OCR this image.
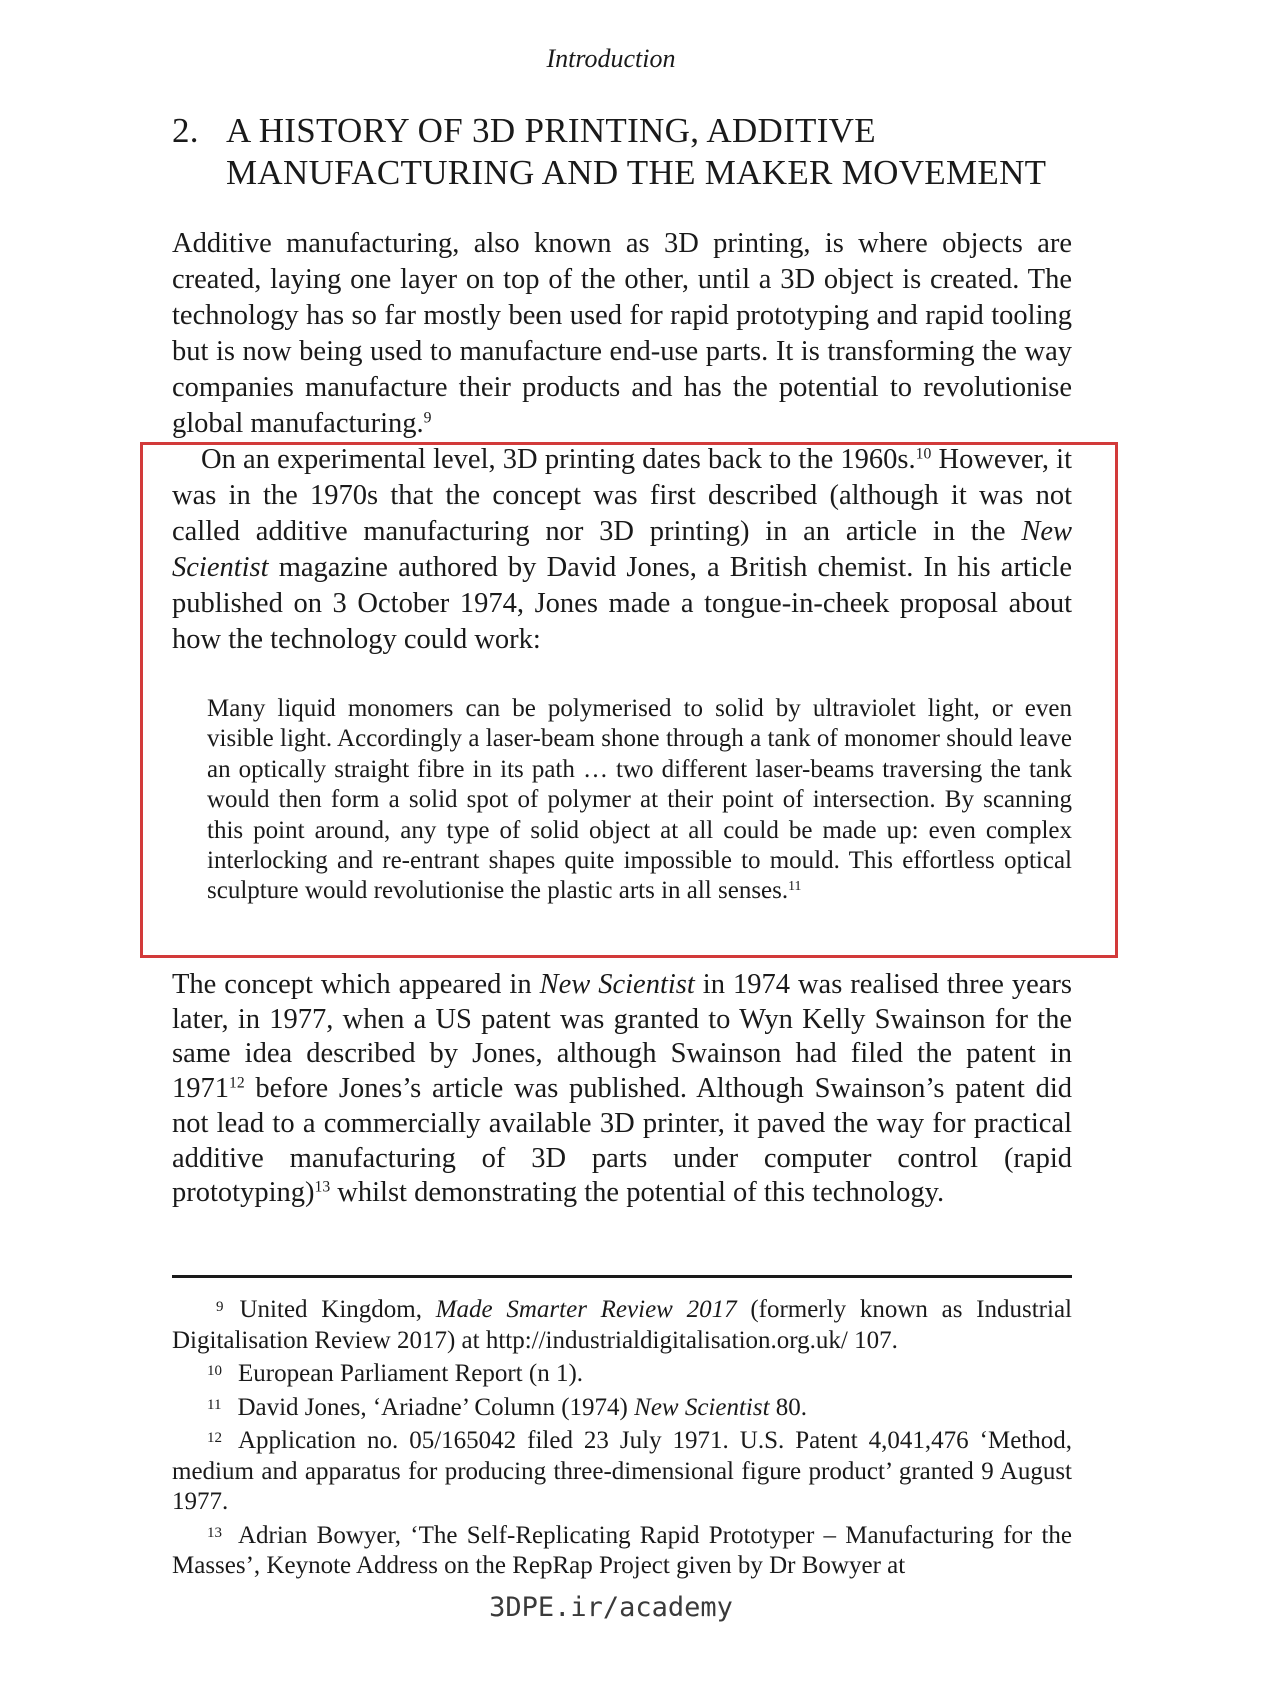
Introduction
2. A HISTORY OF 3D PRINTING, ADDITIVE MANUFACTURING AND THE MAKER MOVEMENT

Additive manufacturing, also known as 3D printing, is where objects are created, laying one layer on top of the other, until a 3D object is created. The technology has so far mostly been used for rapid prototyping and rapid tooling but is now being used to manufacture end-use parts. It is transforming the way companies manufacture their products and has the potential to revolutionise global manufacturing.$^9$

On an experimental level, 3D printing dates back to the 1960s.$^{10}$ However, it was in the 1970s that the concept was first described (although it was not called additive manufacturing nor 3D printing) in an article in the New Scientist magazine authored by David Jones, a British chemist. In his article published on 3 October 1974, Jones made a tongue-in-cheek proposal about how the technology could work:

Many liquid monomers can be polymerised to solid by ultraviolet light, or even visible light. Accordingly a laser-beam shone through a tank of monomer should leave an optically straight fibre in its path … two different laser-beams traversing the tank would then form a solid spot of polymer at their point of intersection. By scanning this point around, any type of solid object at all could be made up: even complex interlocking and re-entrant shapes quite impossible to mould. This effortless optical sculpture would revolutionise the plastic arts in all senses.$^{11}$

The concept which appeared in New Scientist in 1974 was realised three years later, in 1977, when a US patent was granted to Wyn Kelly Swainson for the same idea described by Jones, although Swainson had filed the patent in 1971$^{12}$ before Jones’s article was published. Although Swainson’s patent did not lead to a commercially available 3D printer, it paved the way for practical additive manufacturing of 3D parts under computer control (rapid prototyping)$^{13}$ whilst demonstrating the potential of this technology.

9 United Kingdom, Made Smarter Review 2017 (formerly known as Industrial Digitalisation Review 2017) at http://industrialdigitalisation.org.uk/ 107.
10 European Parliament Report (n 1).
11 David Jones, ‘Ariadne’ Column (1974) New Scientist 80.
12 Application no. 05/165042 filed 23 July 1971. U.S. Patent 4,041,476 ‘Method, medium and apparatus for producing three-dimensional figure product’ granted 9 August 1977.
13 Adrian Bowyer, ‘The Self-Replicating Rapid Prototyper – Manufacturing for the Masses’, Keynote Address on the RepRap Project given by Dr Bowyer at
3DPE.ir/academy
